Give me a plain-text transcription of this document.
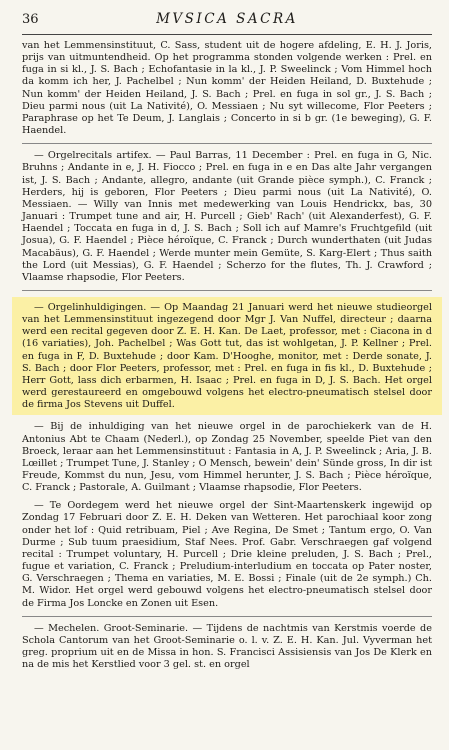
36	MVSICA SACRA

van het Lemmensinstituut, C. Sass, student uit de hogere afdeling, E. H. J. Joris, prijs van uitmuntendheid. Op het programma stonden volgende werken : Prel. en fuga in si kl., J. S. Bach ; Echofantasie in la kl., J. P. Sweelinck ; Vom Himmel hoch da komm ich her, J. Pachelbel ; Nun komm' der Heiden Heiland, D. Buxtehude ; Nun komm' der Heiden Heiland, J. S. Bach ; Prel. en fuga in sol gr., J. S. Bach ; Dieu parmi nous (uit La Nativité), O. Messiaen ; Nu syt willecome, Flor Peeters ; Paraphrase op het Te Deum, J. Langlais ; Concerto in si b gr. (1e beweging), G. F. Haendel.

— Orgelrecitals artifex. — Paul Barras, 11 December : Prel. en fuga in G, Nic. Bruhns ; Andante in e, J. H. Fiocco ; Prel. en fuga in e en Das alte Jahr vergangen ist, J. S. Bach ; Andante, allegro, andante (uit Grande pièce symph.), C. Franck ; Herders, hij is geboren, Flor Peeters ; Dieu parmi nous (uit La Nativité), O. Messiaen. — Willy van Innis met medewerking van Louis Hendrickx, bas, 30 Januari : Trumpet tune and air, H. Purcell ; Gieb' Rach' (uit Alexanderfest), G. F. Haendel ; Toccata en fuga in d, J. S. Bach ; Soll ich auf Mamre's Fruchtgefild (uit Josua), G. F. Haendel ; Pièce héroïque, C. Franck ; Durch wunderthaten (uit Judas Macabäus), G. F. Haendel ; Werde munter mein Gemüte, S. Karg-Elert ; Thus saith the Lord (uit Messias), G. F. Haendel ; Scherzo for the flutes, Th. J. Crawford ; Vlaamse rhapsodie, Flor Peeters.

— Orgelinhuldigingen. — Op Maandag 21 Januari werd het nieuwe studieorgel van het Lemmensinstituut ingezegend door Mgr J. Van Nuffel, directeur ; daarna werd een recital gegeven door Z. E. H. Kan. De Laet, professor, met : Ciacona in d (16 variaties), Joh. Pachelbel ; Was Gott tut, das ist wohlgetan, J. P. Kellner ; Prel. en fuga in F, D. Buxtehude ; door Kam. D'Hooghe, monitor, met : Derde sonate, J. S. Bach ; door Flor Peeters, professor, met : Prel. en fuga in fis kl., D. Buxtehude ; Herr Gott, lass dich erbarmen, H. Isaac ; Prel. en fuga in D, J. S. Bach. Het orgel werd gerestaureerd en omgebouwd volgens het electro-pneumatisch stelsel door de firma Jos Stevens uit Duffel.

— Bij de inhuldiging van het nieuwe orgel in de parochiekerk van de H. Antonius Abt te Chaam (Nederl.), op Zondag 25 November, speelde Piet van den Broeck, leraar aan het Lemmensinstituut : Fantasia in A, J. P. Sweelinck ; Aria, J. B. Lœillet ; Trumpet Tune, J. Stanley ; O Mensch, bewein' dein' Sünde gross, In dir ist Freude, Kommst du nun, Jesu, vom Himmel herunter, J. S. Bach ; Pièce héroïque, C. Franck ; Pastorale, A. Guilmant ; Vlaamse rhapsodie, Flor Peeters.

— Te Oordegem werd het nieuwe orgel der Sint-Maartenskerk ingewijd op Zondag 17 Februari door Z. E. H. Deken van Wetteren. Het parochiaal koor zong onder het lof : Quid retribuam, Piel ; Ave Regina, De Smet ; Tantum ergo, O. Van Durme ; Sub tuum praesidium, Staf Nees. Prof. Gabr. Verschraegen gaf volgend recital : Trumpet voluntary, H. Purcell ; Drie kleine preluden, J. S. Bach ; Prel., fugue et variation, C. Franck ; Preludium-interludium en toccata op Pater noster, G. Verschraegen ; Thema en variaties, M. E. Bossi ; Finale (uit de 2e symph.) Ch. M. Widor. Het orgel werd gebouwd volgens het electro-pneumatisch stelsel door de Firma Jos Loncke en Zonen uit Esen.

— Mechelen. Groot-Seminarie. — Tijdens de nachtmis van Kerstmis voerde de Schola Cantorum van het Groot-Seminarie o. l. v. Z. E. H. Kan. Jul. Vyverman het greg. proprium uit en de Missa in hon. S. Francisci Assisiensis van Jos De Klerk en na de mis het Kerstlied voor 3 gel. st. en orgel
